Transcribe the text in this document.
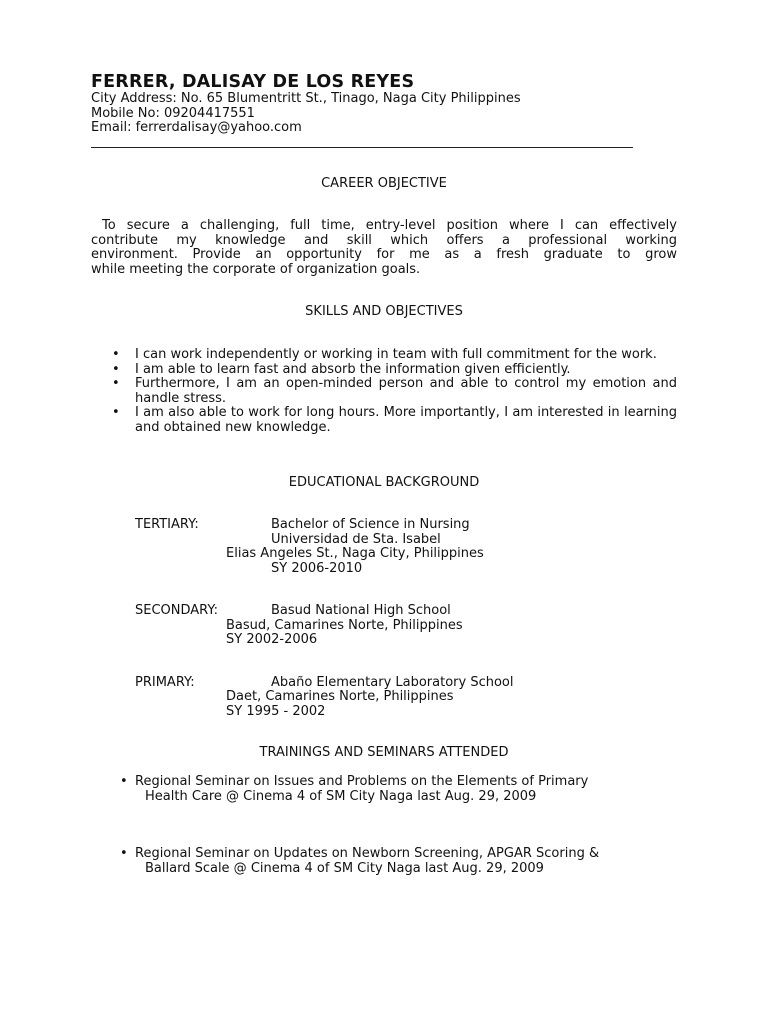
FERRER, DALISAY DE LOS REYES
City Address: No. 65 Blumentritt St., Tinago, Naga City Philippines
Mobile No: 09204417551
Email: ferrerdalisay@yahoo.com
CAREER OBJECTIVE
To secure a challenging, full time, entry-level position where I can effectively
contribute my knowledge and skill which offers a professional working
environment. Provide an opportunity for me as a fresh graduate to grow
while meeting the corporate of organization goals.
SKILLS AND OBJECTIVES
• I can work independently or working in team with full commitment for the work.
• I am able to learn fast and absorb the information given efficiently.
• Furthermore, I am an open-minded person and able to control my emotion and handle stress.
• I am also able to work for long hours. More importantly, I am interested in learning and obtained new knowledge.
EDUCATIONAL BACKGROUND
TERTIARY:	Bachelor of Science in Nursing
Universidad de Sta. Isabel
Elias Angeles St., Naga City, Philippines
SY 2006-2010
SECONDARY:	Basud National High School
Basud, Camarines Norte, Philippines
SY 2002-2006
PRIMARY:	Abaño Elementary Laboratory School
Daet, Camarines Norte, Philippines
SY 1995 - 2002
TRAININGS AND SEMINARS ATTENDED
• Regional Seminar on Issues and Problems on the Elements of Primary
Health Care @ Cinema 4 of SM City Naga last Aug. 29, 2009
• Regional Seminar on Updates on Newborn Screening, APGAR Scoring &
Ballard Scale @ Cinema 4 of SM City Naga last Aug. 29, 2009
